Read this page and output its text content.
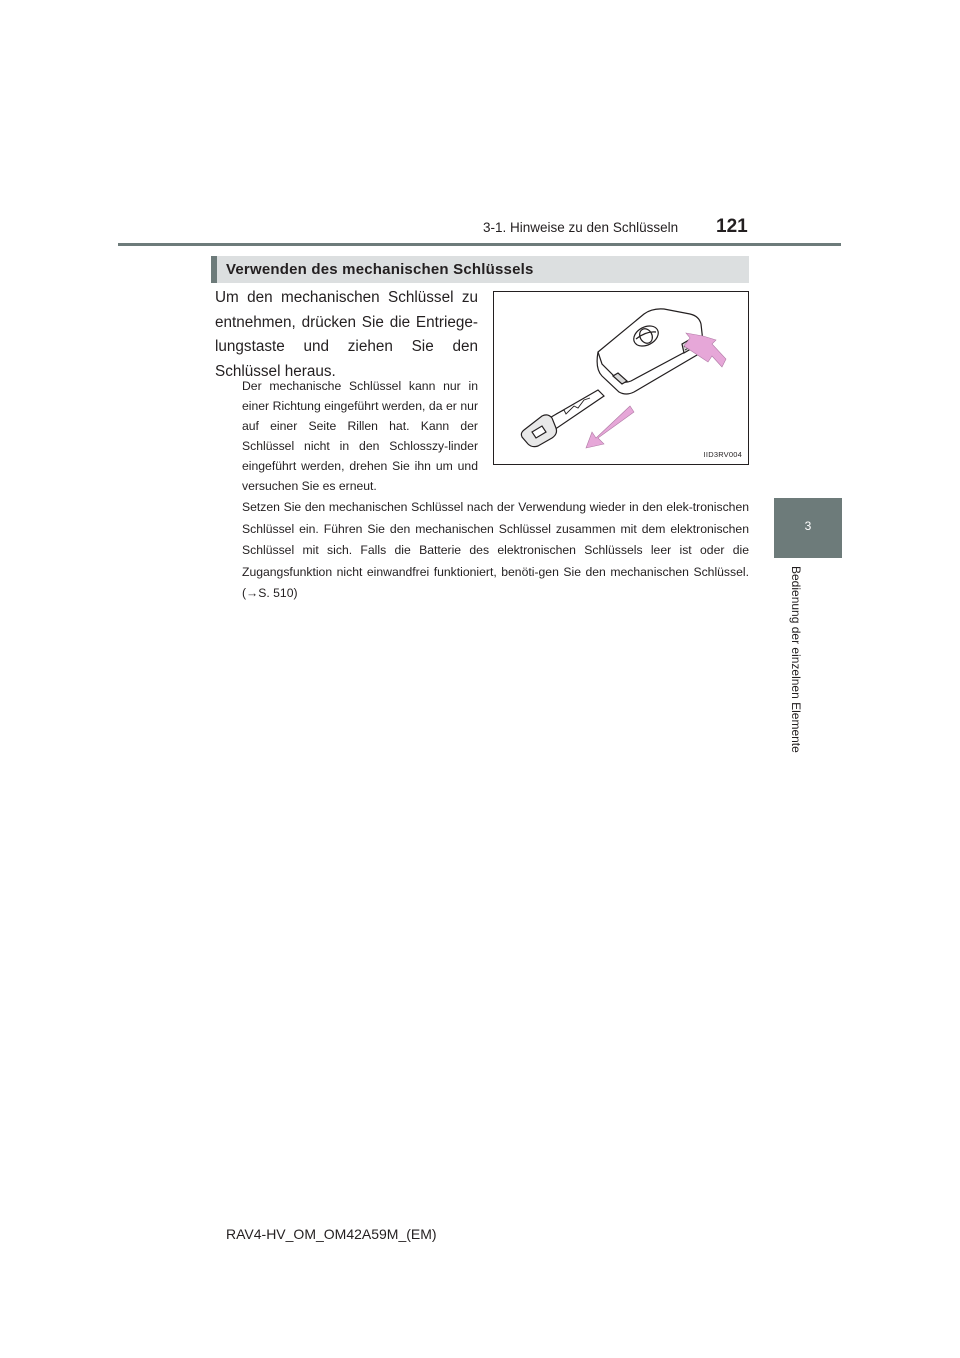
3-1. Hinweise zu den Schlüsseln 121
3
Bedienung der einzelnen Elemente
Verwenden des mechanischen Schlüssels

Um den mechanischen Schlüssel zu entnehmen, drücken Sie die Entriege-lungstaste und ziehen Sie den Schlüssel heraus.

Der mechanische Schlüssel kann nur in einer Richtung eingeführt werden, da er nur auf einer Seite Rillen hat. Kann der Schlüssel nicht in den Schlosszy-linder eingeführt werden, drehen Sie ihn um und versuchen Sie es erneut.

Setzen Sie den mechanischen Schlüssel nach der Verwendung wieder in den elek-tronischen Schlüssel ein. Führen Sie den mechanischen Schlüssel zusammen mit dem elektronischen Schlüssel mit sich. Falls die Batterie des elektronischen Schlüssels leer ist oder die Zugangsfunktion nicht einwandfrei funktioniert, benöti-gen Sie den mechanischen Schlüssel. (→S. 510)

IID3RV004
RAV4-HV_OM_OM42A59M_(EM)
